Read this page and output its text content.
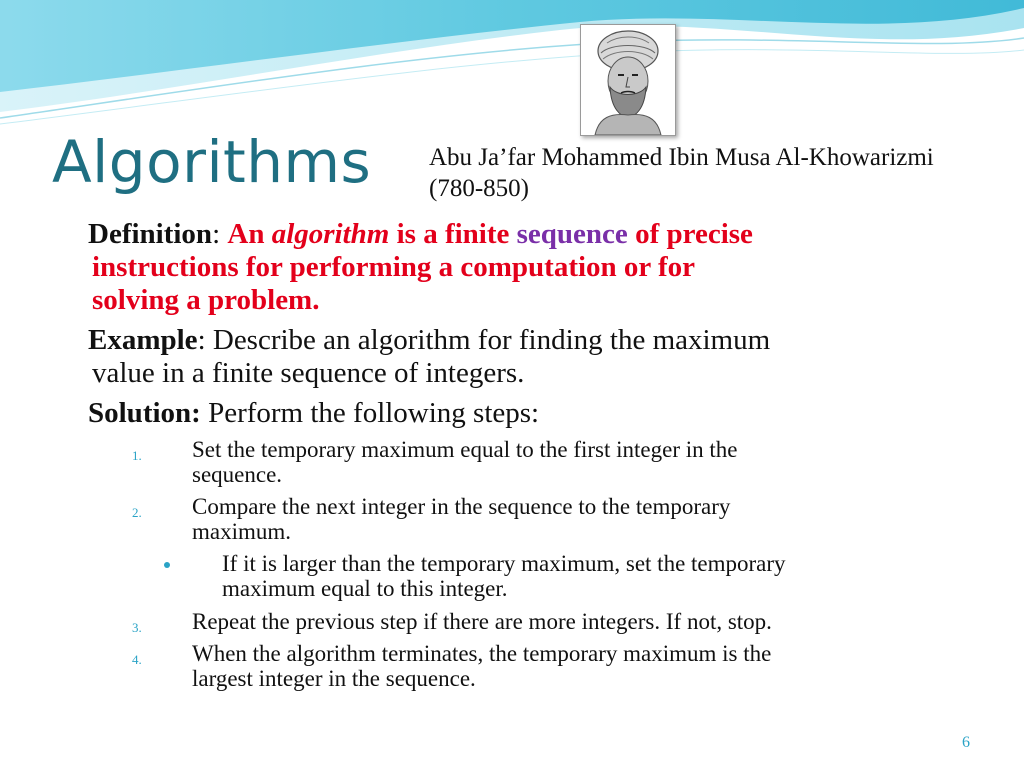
Algorithms Abu Ja’far Mohammed Ibin Musa Al-Khowarizmi
(780-850)
Definition: An algorithm is a finite sequence of precise
instructions for performing a computation or for
solving a problem.
Example: Describe an algorithm for finding the maximum
value in a finite sequence of integers.
Solution: Perform the following steps:
1. Set the temporary maximum equal to the first integer in the
sequence.
2. Compare the next integer in the sequence to the temporary
maximum.
If it is larger than the temporary maximum, set the temporary
maximum equal to this integer.
3. Repeat the previous step if there are more integers. If not, stop.
4. When the algorithm terminates, the temporary maximum is the
largest integer in the sequence.
6
